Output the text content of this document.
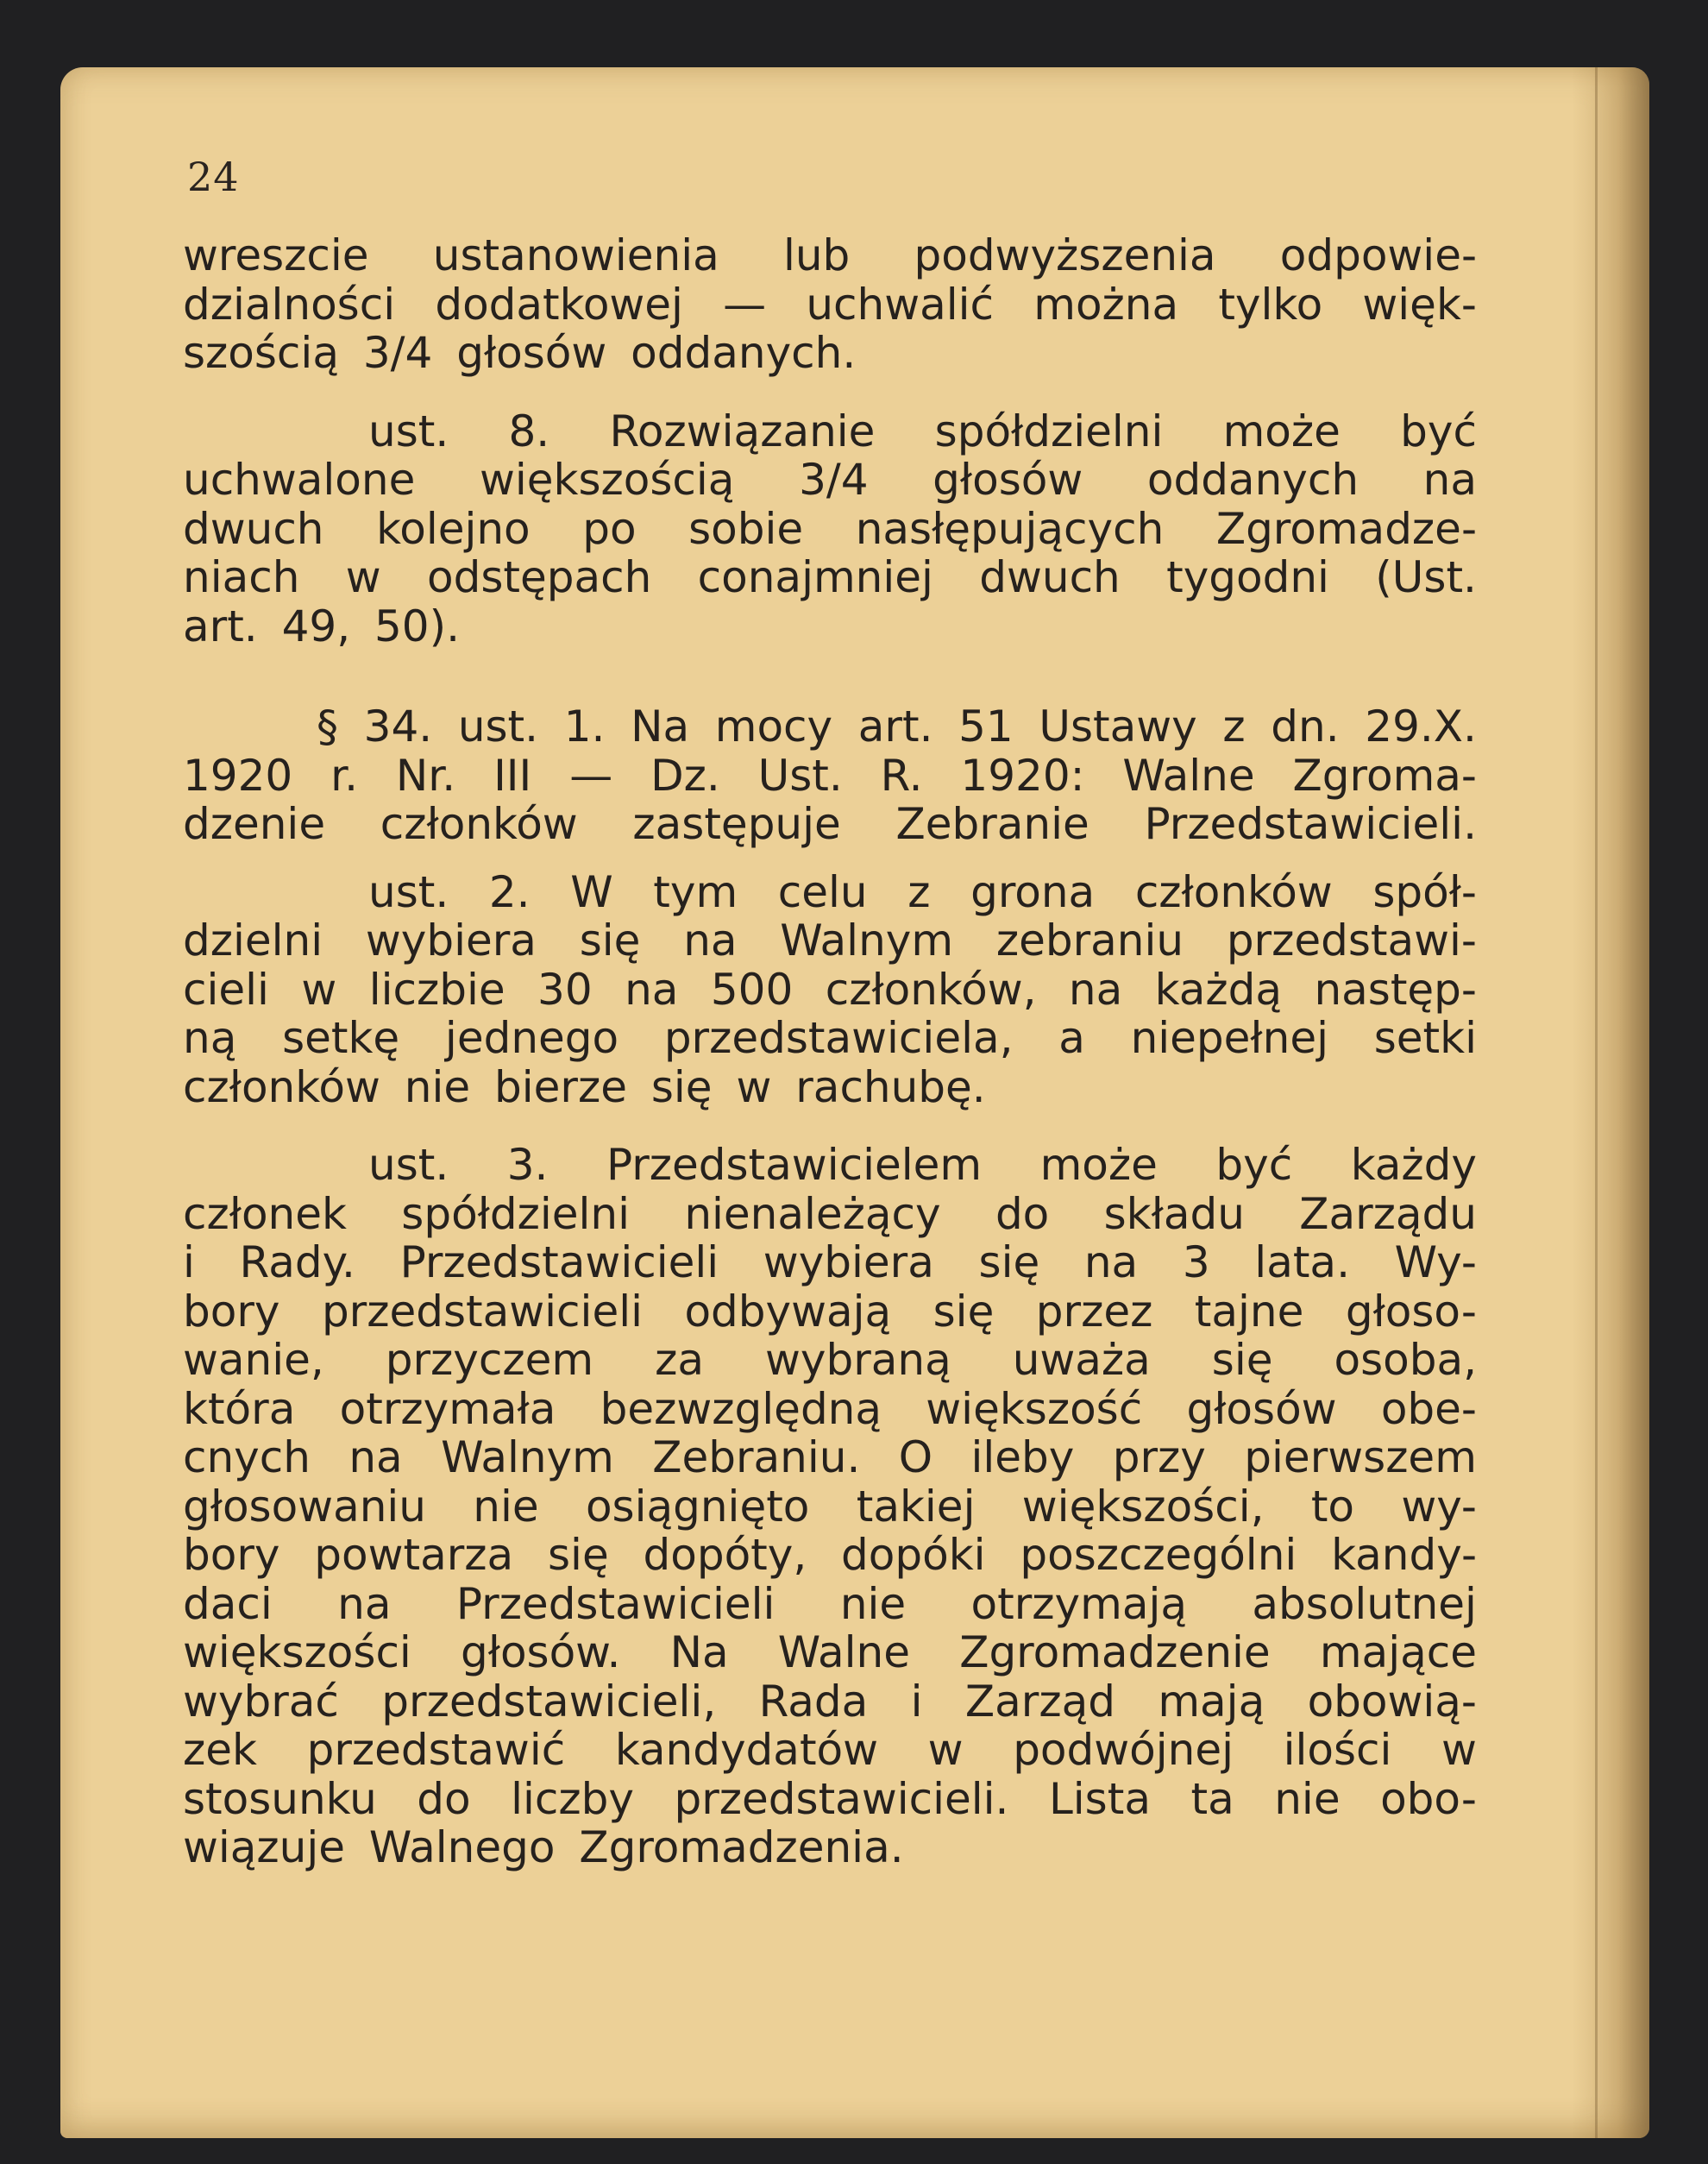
24
wreszcie ustanowienia lub podwyższenia odpowie-
dzialności dodatkowej — uchwalić można tylko więk-
szością 3/4 głosów oddanych.
ust. 8. Rozwiązanie spółdzielni może być
uchwalone większością 3/4 głosów oddanych na
dwuch kolejno po sobie nasłępujących Zgromadze-
niach w odstępach conajmniej dwuch tygodni (Ust.
art. 49, 50).
§ 34. ust. 1. Na mocy art. 51 Ustawy z dn. 29.X.
1920 r. Nr. III — Dz. Ust. R. 1920: Walne Zgroma-
dzenie członków zastępuje Zebranie Przedstawicieli.
ust. 2. W tym celu z grona członków spół-
dzielni wybiera się na Walnym zebraniu przedstawi-
cieli w liczbie 30 na 500 członków, na każdą następ-
ną setkę jednego przedstawiciela, a niepełnej setki
członków nie bierze się w rachubę.
ust. 3. Przedstawicielem może być każdy
członek spółdzielni nienależący do składu Zarządu
i Rady. Przedstawicieli wybiera się na 3 lata. Wy-
bory przedstawicieli odbywają się przez tajne głoso-
wanie, przyczem za wybraną uważa się osoba,
która otrzymała bezwzględną większość głosów obe-
cnych na Walnym Zebraniu. O ileby przy pierwszem
głosowaniu nie osiągnięto takiej większości, to wy-
bory powtarza się dopóty, dopóki poszczególni kandy-
daci na Przedstawicieli nie otrzymają absolutnej
większości głosów. Na Walne Zgromadzenie mające
wybrać przedstawicieli, Rada i Zarząd mają obowią-
zek przedstawić kandydatów w podwójnej ilości w
stosunku do liczby przedstawicieli. Lista ta nie obo-
wiązuje Walnego Zgromadzenia.
